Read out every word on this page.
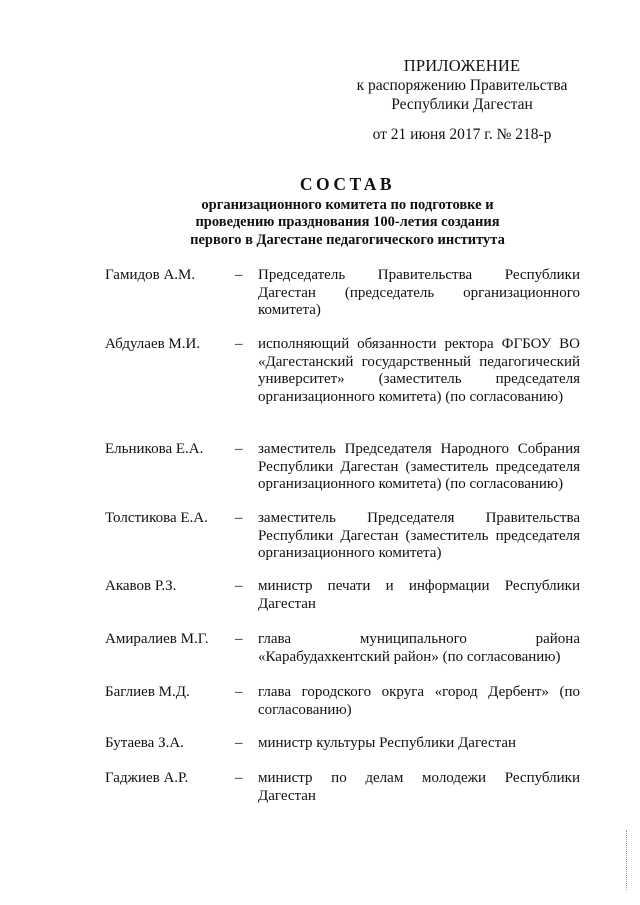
ПРИЛОЖЕНИЕ
к распоряжению Правительства
Республики Дагестан
от 21 июня 2017 г. № 218-р
СОСТАВ
организационного комитета по подготовке и
проведению празднования 100-летия создания
первого в Дагестане педагогического института
Гамидов А.М.	– Председатель Правительства Республики Дагестан (председатель организационного комитета)
Абдулаев М.И. – исполняющий обязанности ректора ФГБОУ ВО «Дагестанский государственный педагогический университет» (заместитель председателя организационного комитета) (по согласованию)
Ельникова Е.А. – заместитель Председателя Народного Собрания Республики Дагестан (заместитель председателя организационного комитета) (по согласованию)
Толстикова Е.А. – заместитель Председателя Правительства Республики Дагестан (заместитель председателя организационного комитета)
Акавов Р.З.	– министр печати и информации Республики Дагестан
Амиралиев М.Г. – глава муниципального района «Карабудахкентский район» (по согласованию)
Баглиев М.Д.	– глава городского округа «город Дербент» (по согласованию)
Бутаева З.А.	– министр культуры Республики Дагестан
Гаджиев А.Р.	– министр по делам молодежи Республики Дагестан
